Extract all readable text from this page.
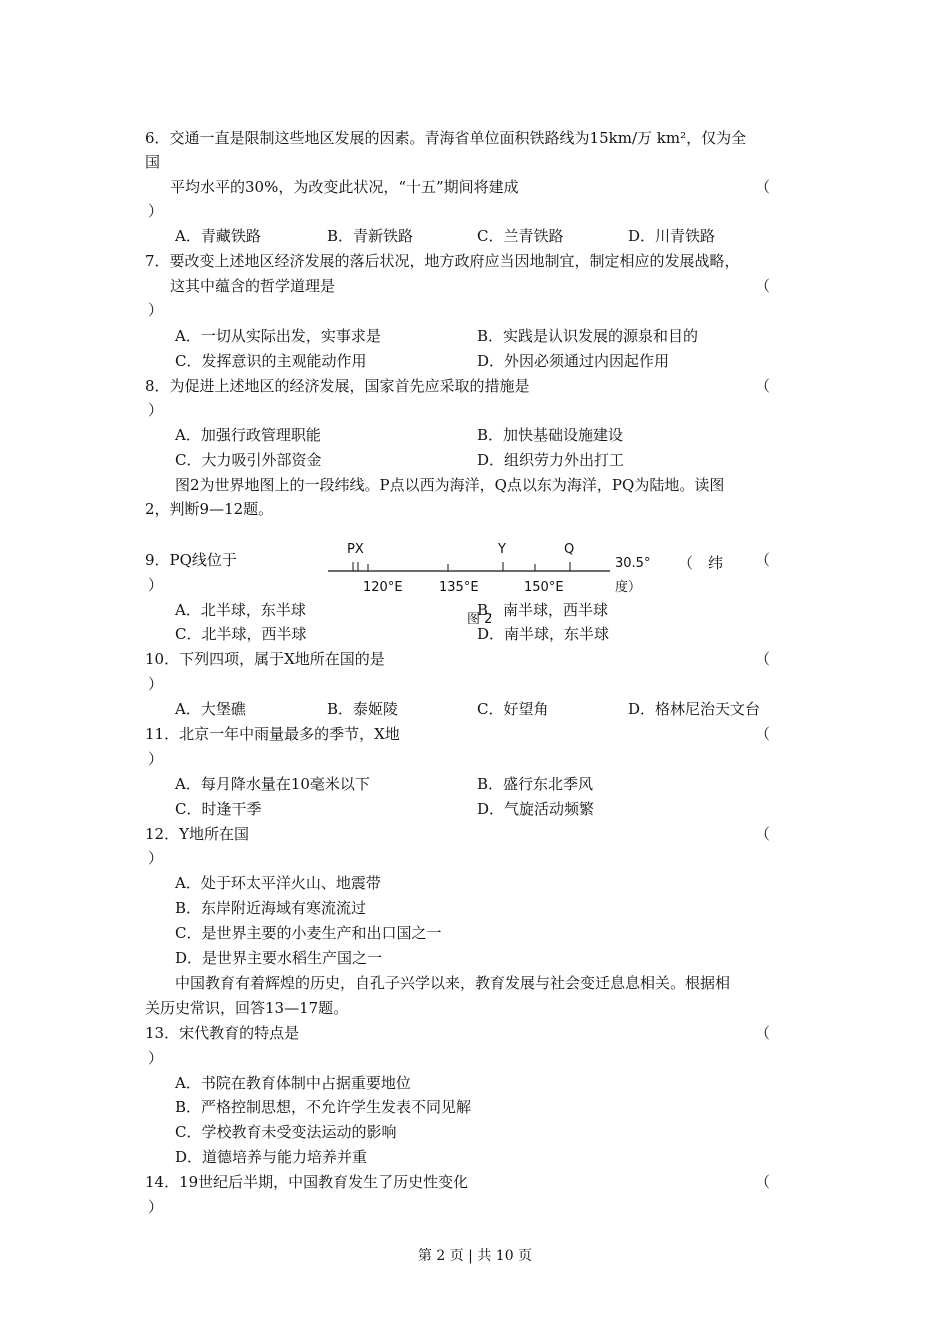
6．交通一直是限制这些地区发展的因素。青海省单位面积铁路线为15km/万 km²，仅为全
国
平均水平的30%，为改变此状况，“十五”期间将建成	（
）
A．青藏铁路	B．青新铁路	C．兰青铁路	D．川青铁路
7．要改变上述地区经济发展的落后状况，地方政府应当因地制宜，制定相应的发展战略，
这其中蕴含的哲学道理是	（
）
A．一切从实际出发，实事求是	B．实践是认识发展的源泉和目的
C．发挥意识的主观能动作用	D．外因必须通过内因起作用
8．为促进上述地区的经济发展，国家首先应采取的措施是	（
）
A．加强行政管理职能	B．加快基础设施建设
C．大力吸引外部资金	D．组织劳力外出打工
图2为世界地图上的一段纬线。P点以西为海洋，Q点以东为海洋，PQ为陆地。读图
2，判断9—12题。
PX	Y	Q
120°E	135°E	150°E
30.5°
度）
图 2
9．PQ线位于	（　纬 （
）
A．北半球，东半球	B．南半球，西半球
C．北半球，西半球	D．南半球，东半球
10．下列四项，属于X地所在国的是	（
）
A．大堡礁	B．泰姬陵	C．好望角	D．格林尼治天文台
11．北京一年中雨量最多的季节，X地	（
）
A．每月降水量在10毫米以下	B．盛行东北季风
C．时逢干季	D．气旋活动频繁
12．Y地所在国	（
）
A．处于环太平洋火山、地震带
B．东岸附近海域有寒流流过
C．是世界主要的小麦生产和出口国之一
D．是世界主要水稻生产国之一
中国教育有着辉煌的历史，自孔子兴学以来，教育发展与社会变迁息息相关。根据相
关历史常识，回答13—17题。
13．宋代教育的特点是	（
）
A．书院在教育体制中占据重要地位
B．严格控制思想，不允许学生发表不同见解
C．学校教育未受变法运动的影响
D．道德培养与能力培养并重
14．19世纪后半期，中国教育发生了历史性变化	（
）
第 2 页 | 共 10 页
